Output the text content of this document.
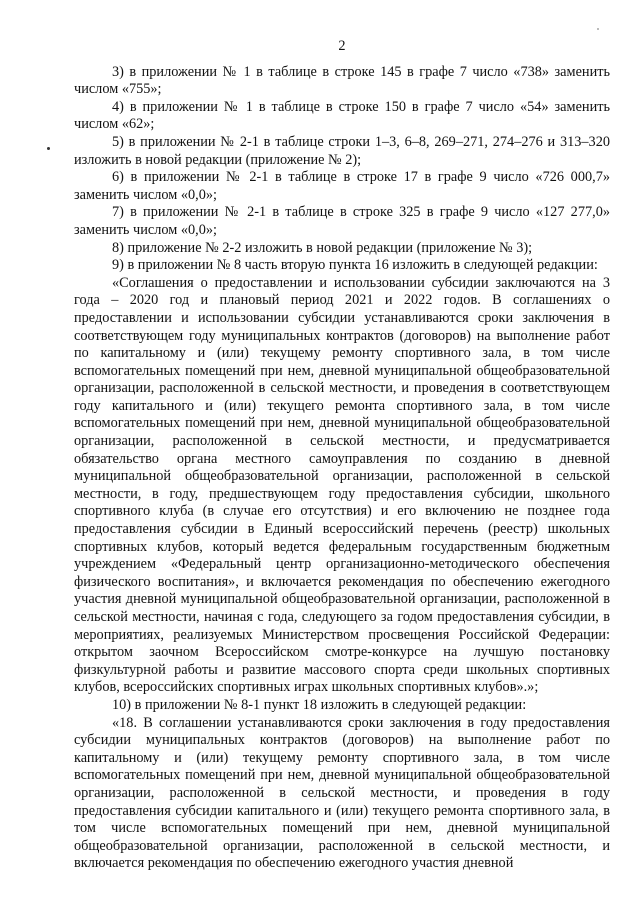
2

3) в приложении № 1 в таблице в строке 145 в графе 7 число «738» заменить числом «755»;

4) в приложении № 1 в таблице в строке 150 в графе 7 число «54» заменить числом «62»;

5) в приложении № 2-1 в таблице строки 1–3, 6–8, 269–271, 274–276 и 313–320 изложить в новой редакции (приложение № 2);

6) в приложении № 2-1 в таблице в строке 17 в графе 9 число «726 000,7» заменить числом «0,0»;

7) в приложении № 2-1 в таблице в строке 325 в графе 9 число «127 277,0» заменить числом «0,0»;

8) приложение № 2-2 изложить в новой редакции (приложение № 3);

9) в приложении № 8 часть вторую пункта 16 изложить в следующей редакции:

«Соглашения о предоставлении и использовании субсидии заключаются на 3 года – 2020 год и плановый период 2021 и 2022 годов. В соглашениях о предоставлении и использовании субсидии устанавливаются сроки заключения в соответствующем году муниципальных контрактов (договоров) на выполнение работ по капитальному и (или) текущему ремонту спортивного зала, в том числе вспомогательных помещений при нем, дневной муниципальной общеобразовательной организации, расположенной в сельской местности, и проведения в соответствующем году капитального и (или) текущего ремонта спортивного зала, в том числе вспомогательных помещений при нем, дневной муниципальной общеобразовательной организации, расположенной в сельской местности, и предусматривается обязательство органа местного самоуправления по созданию в дневной муниципальной общеобразовательной организации, расположенной в сельской местности, в году, предшествующем году предоставления субсидии, школьного спортивного клуба (в случае его отсутствия) и его включению не позднее года предоставления субсидии в Единый всероссийский перечень (реестр) школьных спортивных клубов, который ведется федеральным государственным бюджетным учреждением «Федеральный центр организационно-методического обеспечения физического воспитания», и включается рекомендация по обеспечению ежегодного участия дневной муниципальной общеобразовательной организации, расположенной в сельской местности, начиная с года, следующего за годом предоставления субсидии, в мероприятиях, реализуемых Министерством просвещения Российской Федерации: открытом заочном Всероссийском смотре-конкурсе на лучшую постановку физкультурной работы и развитие массового спорта среди школьных спортивных клубов, всероссийских спортивных играх школьных спортивных клубов».»;

10) в приложении № 8-1 пункт 18 изложить в следующей редакции:

«18. В соглашении устанавливаются сроки заключения в году предоставления субсидии муниципальных контрактов (договоров) на выполнение работ по капитальному и (или) текущему ремонту спортивного зала, в том числе вспомогательных помещений при нем, дневной муниципальной общеобразовательной организации, расположенной в сельской местности, и проведения в году предоставления субсидии капитального и (или) текущего ремонта спортивного зала, в том числе вспомогательных помещений при нем, дневной муниципальной общеобразовательной организации, расположенной в сельской местности, и включается рекомендация по обеспечению ежегодного участия дневной
